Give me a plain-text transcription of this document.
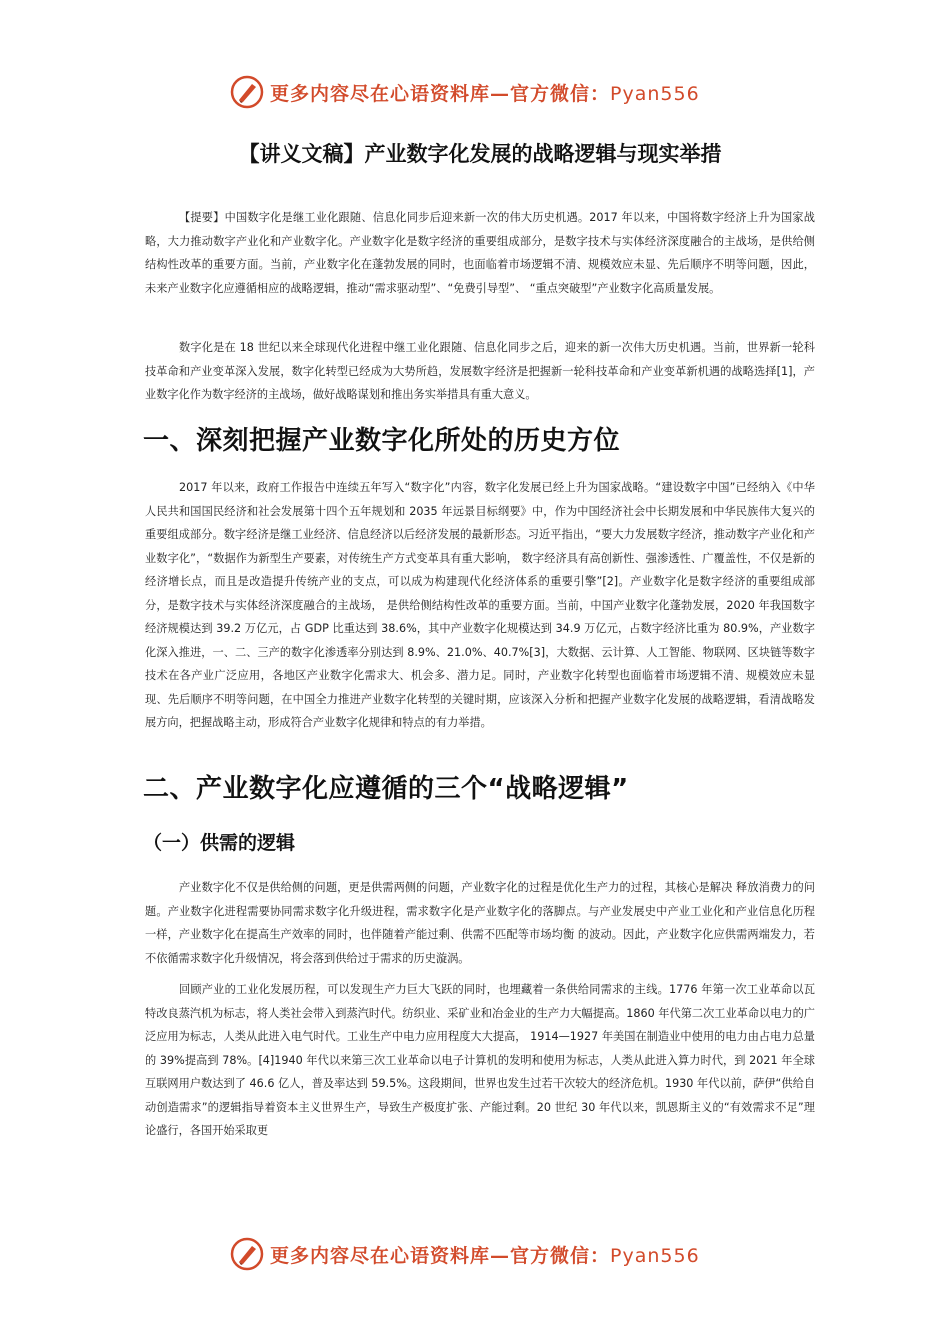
更多内容尽在心语资料库—官方微信：Pyan556
【讲义文稿】产业数字化发展的战略逻辑与现实举措

【提要】中国数字化是继工业化跟随、信息化同步后迎来新一次的伟大历史机遇。2017 年以来，中国将数字经济上升为国家战略，大力推动数字产业化和产业数字化。产业数字化是数字经济的重要组成部分，是数字技术与实体经济深度融合的主战场，是供给侧结构性改革的重要方面。当前，产业数字化在蓬勃发展的同时，也面临着市场逻辑不清、规模效应未显、先后顺序不明等问题，因此，未来产业数字化应遵循相应的战略逻辑，推动“需求驱动型”、“免费引导型”、 “重点突破型”产业数字化高质量发展。

数字化是在 18 世纪以来全球现代化进程中继工业化跟随、信息化同步之后，迎来的新一次伟大历史机遇。当前，世界新一轮科技革命和产业变革深入发展，数字化转型已经成为大势所趋，发展数字经济是把握新一轮科技革命和产业变革新机遇的战略选择[1]，产业数字化作为数字经济的主战场，做好战略谋划和推出务实举措具有重大意义。

一、深刻把握产业数字化所处的历史方位

2017 年以来，政府工作报告中连续五年写入“数字化”内容，数字化发展已经上升为国家战略。“建设数字中国”已经纳入《中华人民共和国国民经济和社会发展第十四个五年规划和 2035 年远景目标纲要》中，作为中国经济社会中长期发展和中华民族伟大复兴的重要组成部分。数字经济是继工业经济、信息经济以后经济发展的最新形态。习近平指出，“要大力发展数字经济，推动数字产业化和产业数字化”，“数据作为新型生产要素，对传统生产方式变革具有重大影响， 数字经济具有高创新性、强渗透性、广覆盖性，不仅是新的经济增长点，而且是改造提升传统产业的支点，可以成为构建现代化经济体系的重要引擎”[2]。产业数字化是数字经济的重要组成部分，是数字技术与实体经济深度融合的主战场， 是供给侧结构性改革的重要方面。当前，中国产业数字化蓬勃发展，2020 年我国数字经济规模达到 39.2 万亿元，占 GDP 比重达到 38.6%，其中产业数字化规模达到 34.9 万亿元，占数字经济比重为 80.9%，产业数字化深入推进，一、二、三产的数字化渗透率分别达到 8.9%、21.0%、40.7%[3]，大数据、云计算、人工智能、物联网、区块链等数字技术在各产业广泛应用，各地区产业数字化需求大、机会多、潜力足。同时，产业数字化转型也面临着市场逻辑不清、规模效应未显现、先后顺序不明等问题，在中国全力推进产业数字化转型的关键时期，应该深入分析和把握产业数字化发展的战略逻辑，看清战略发展方向，把握战略主动，形成符合产业数字化规律和特点的有力举措。

二、产业数字化应遵循的三个“战略逻辑”
（一）供需的逻辑

产业数字化不仅是供给侧的问题，更是供需两侧的问题，产业数字化的过程是优化生产力的过程，其核心是解决 释放消费力的问题。产业数字化进程需要协同需求数字化升级进程，需求数字化是产业数字化的落脚点。与产业发展史中产业工业化和产业信息化历程一样，产业数字化在提高生产效率的同时，也伴随着产能过剩、供需不匹配等市场均衡 的波动。因此，产业数字化应供需两端发力，若不依循需求数字化升级情况，将会落到供给过于需求的历史漩涡。

回顾产业的工业化发展历程，可以发现生产力巨大飞跃的同时，也埋藏着一条供给同需求的主线。1776 年第一次工业革命以瓦特改良蒸汽机为标志，将人类社会带入到蒸汽时代。纺织业、采矿业和冶金业的生产力大幅提高。1860 年代第二次工业革命以电力的广泛应用为标志，人类从此进入电气时代。工业生产中电力应用程度大大提高， 1914—1927 年美国在制造业中使用的电力由占电力总量的 39%提高到 78%。[4]1940 年代以来第三次工业革命以电子计算机的发明和使用为标志，人类从此进入算力时代，到 2021 年全球互联网用户数达到了 46.6 亿人，普及率达到 59.5%。这段期间，世界也发生过若干次较大的经济危机。1930 年代以前，萨伊“供给自动创造需求”的逻辑指导着资本主义世界生产，导致生产极度扩张、产能过剩。20 世纪 30 年代以来，凯恩斯主义的“有效需求不足”理论盛行，各国开始采取更

更多内容尽在心语资料库—官方微信：Pyan556
